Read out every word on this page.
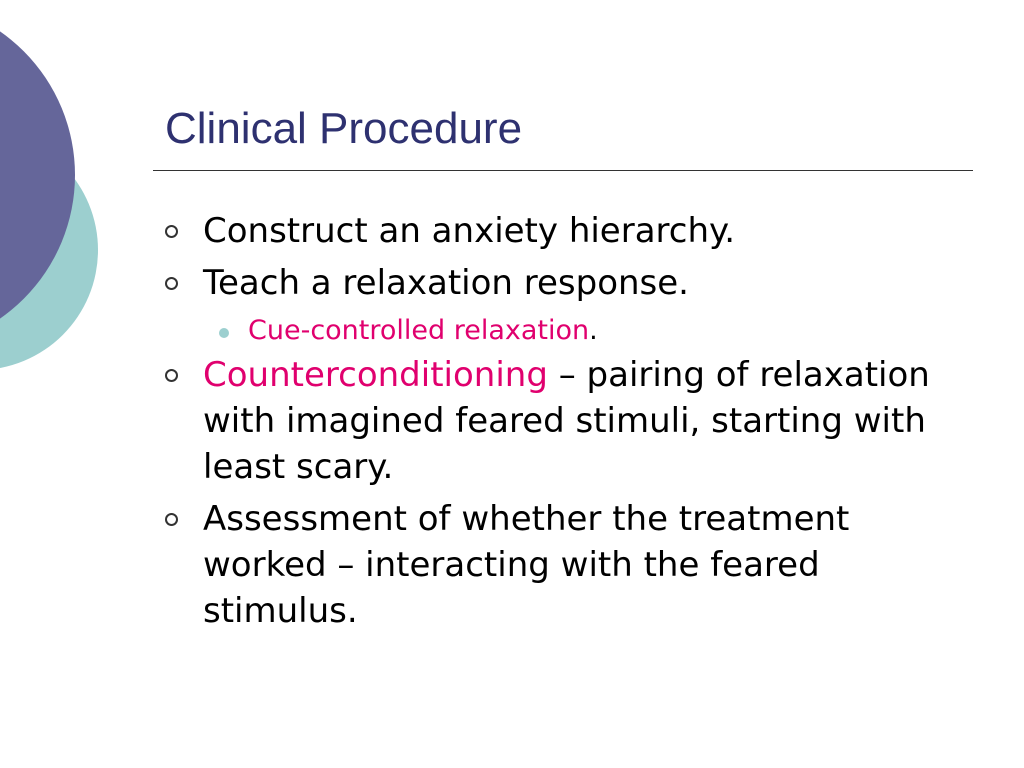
Clinical Procedure
Construct an anxiety hierarchy.
Teach a relaxation response.
Cue-controlled relaxation.
Counterconditioning – pairing of relaxation with imagined feared stimuli, starting with least scary.
Assessment of whether the treatment worked – interacting with the feared stimulus.
